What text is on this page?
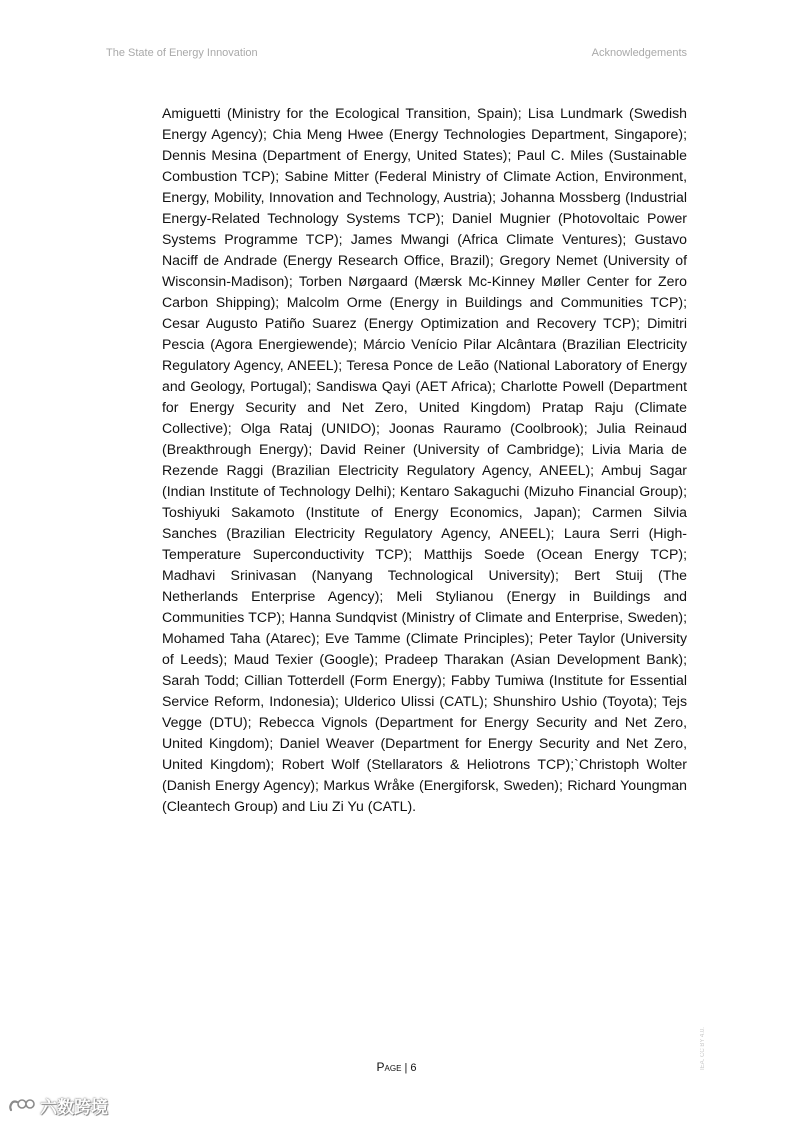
The State of Energy Innovation	Acknowledgements

Amiguetti (Ministry for the Ecological Transition, Spain); Lisa Lundmark (Swedish Energy Agency); Chia Meng Hwee (Energy Technologies Department, Singapore); Dennis Mesina (Department of Energy, United States); Paul C. Miles (Sustainable Combustion TCP); Sabine Mitter (Federal Ministry of Climate Action, Environment, Energy, Mobility, Innovation and Technology, Austria); Johanna Mossberg (Industrial Energy-Related Technology Systems TCP); Daniel Mugnier (Photovoltaic Power Systems Programme TCP); James Mwangi (Africa Climate Ventures); Gustavo Naciff de Andrade (Energy Research Office, Brazil); Gregory Nemet (University of Wisconsin-Madison); Torben Nørgaard (Mærsk Mc-Kinney Møller Center for Zero Carbon Shipping); Malcolm Orme (Energy in Buildings and Communities TCP); Cesar Augusto Patiño Suarez (Energy Optimization and Recovery TCP); Dimitri Pescia (Agora Energiewende); Márcio Venício Pilar Alcântara (Brazilian Electricity Regulatory Agency, ANEEL); Teresa Ponce de Leão (National Laboratory of Energy and Geology, Portugal); Sandiswa Qayi (AET Africa); Charlotte Powell (Department for Energy Security and Net Zero, United Kingdom) Pratap Raju (Climate Collective); Olga Rataj (UNIDO); Joonas Rauramo (Coolbrook); Julia Reinaud (Breakthrough Energy); David Reiner (University of Cambridge); Livia Maria de Rezende Raggi (Brazilian Electricity Regulatory Agency, ANEEL); Ambuj Sagar (Indian Institute of Technology Delhi); Kentaro Sakaguchi (Mizuho Financial Group); Toshiyuki Sakamoto (Institute of Energy Economics, Japan); Carmen Silvia Sanches (Brazilian Electricity Regulatory Agency, ANEEL); Laura Serri (High-Temperature Superconductivity TCP); Matthijs Soede (Ocean Energy TCP); Madhavi Srinivasan (Nanyang Technological University); Bert Stuij (The Netherlands Enterprise Agency); Meli Stylianou (Energy in Buildings and Communities TCP); Hanna Sundqvist (Ministry of Climate and Enterprise, Sweden); Mohamed Taha (Atarec); Eve Tamme (Climate Principles); Peter Taylor (University of Leeds); Maud Texier (Google); Pradeep Tharakan (Asian Development Bank); Sarah Todd; Cillian Totterdell (Form Energy); Fabby Tumiwa (Institute for Essential Service Reform, Indonesia); Ulderico Ulissi (CATL); Shunshiro Ushio (Toyota); Tejs Vegge (DTU); Rebecca Vignols (Department for Energy Security and Net Zero, United Kingdom); Daniel Weaver (Department for Energy Security and Net Zero, United Kingdom); Robert Wolf (Stellarators & Heliotrons TCP);`Christoph Wolter (Danish Energy Agency); Markus Wråke (Energiforsk, Sweden); Richard Youngman (Cleantech Group) and Liu Zi Yu (CATL).

IEA. CC BY 4.0.
Page | 6
六数跨境
